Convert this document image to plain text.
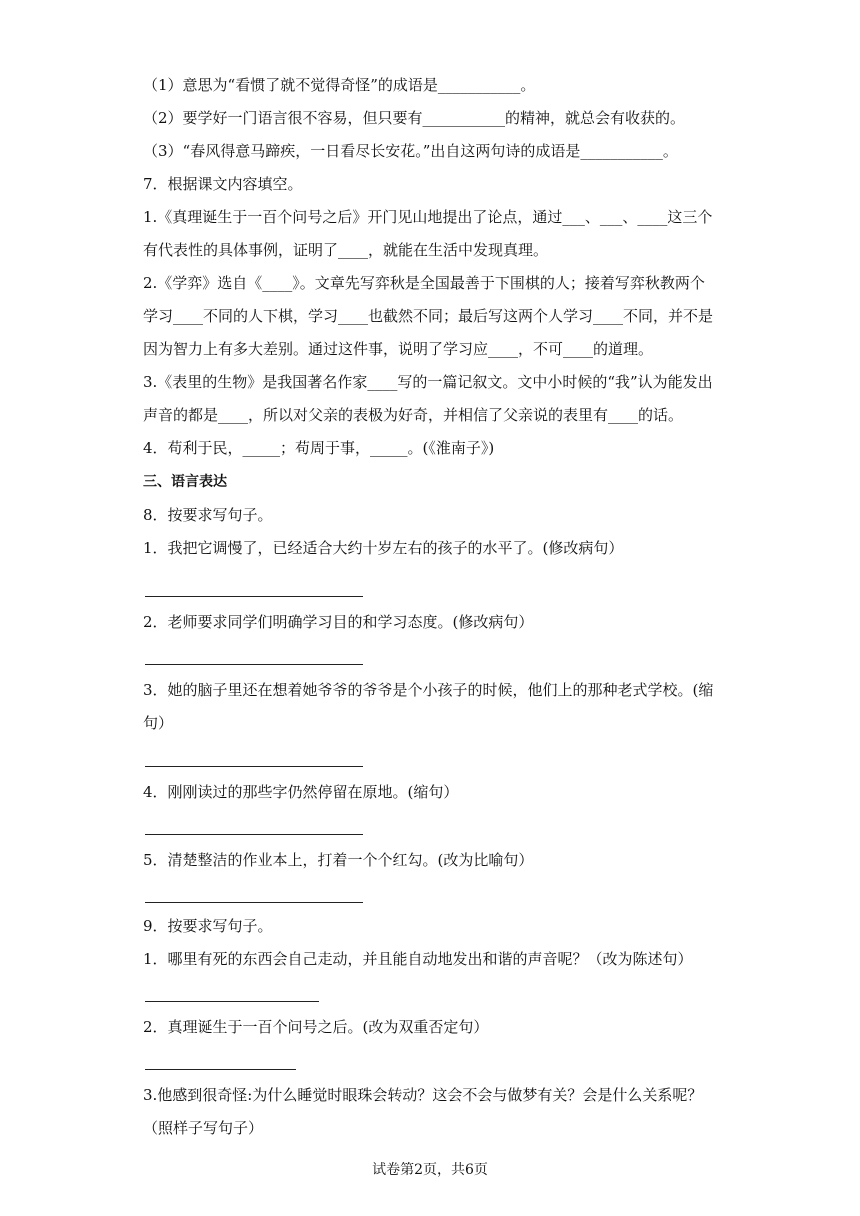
（1）意思为“看惯了就不觉得奇怪”的成语是___________。
（2）要学好一门语言很不容易，但只要有___________的精神，就总会有收获的。
（3）“春风得意马蹄疾，一日看尽长安花。”出自这两句诗的成语是___________。
7．根据课文内容填空。
1.《真理诞生于一百个问号之后》开门见山地提出了论点，通过___、___、____这三个
有代表性的具体事例，证明了____，就能在生活中发现真理。
2.《学弈》选自《____》。文章先写弈秋是全国最善于下围棋的人；接着写弈秋教两个
学习____不同的人下棋，学习____也截然不同；最后写这两个人学习____不同，并不是
因为智力上有多大差别。通过这件事，说明了学习应____，不可____的道理。
3.《表里的生物》是我国著名作家____写的一篇记叙文。文中小时候的“我”认为能发出
声音的都是____，所以对父亲的表极为好奇，并相信了父亲说的表里有____的话。
4．苟利于民，_____；苟周于事，_____。(《淮南子》)
三、语言表达
8．按要求写句子。
1．我把它调慢了，已经适合大约十岁左右的孩子的水平了。(修改病句）
2．老师要求同学们明确学习目的和学习态度。(修改病句）
3．她的脑子里还在想着她爷爷的爷爷是个小孩子的时候，他们上的那种老式学校。(缩
句）
4．刚刚读过的那些字仍然停留在原地。(缩句）
5．清楚整洁的作业本上，打着一个个红勾。(改为比喻句）
9．按要求写句子。
1．哪里有死的东西会自己走动，并且能自动地发出和谐的声音呢？（改为陈述句）
2．真理诞生于一百个问号之后。(改为双重否定句）
3.他感到很奇怪:为什么睡觉时眼珠会转动？这会不会与做梦有关？会是什么关系呢？
（照样子写句子）
试卷第2页，共6页
